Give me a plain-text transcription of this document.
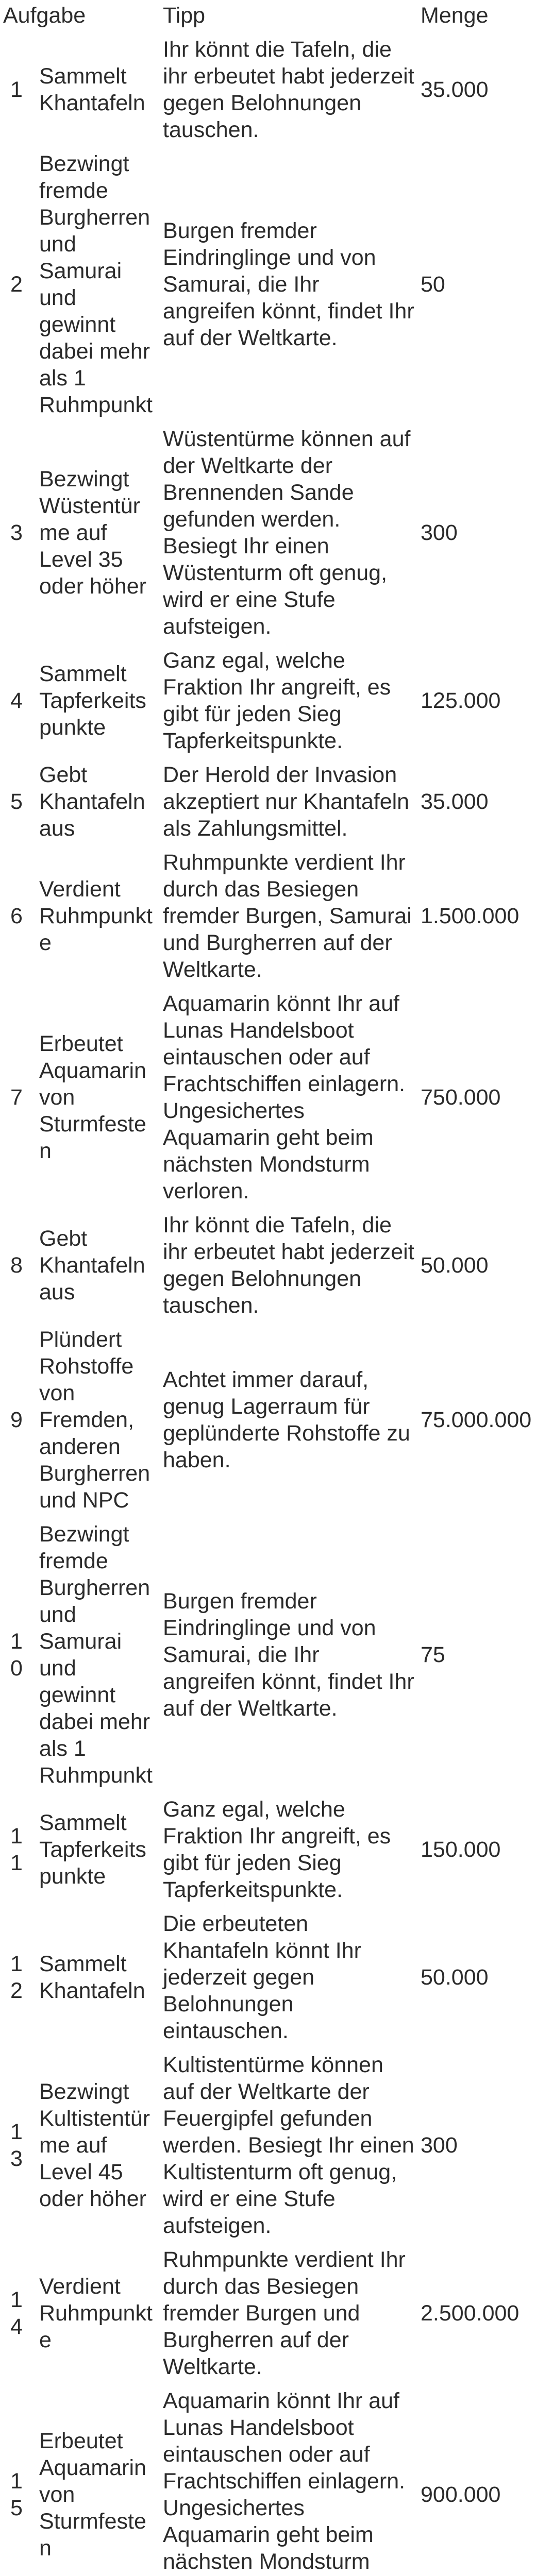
Aufgabe		Tipp	Menge
1	Sammelt Khantafeln	Ihr könnt die Tafeln, die ihr erbeutet habt jederzeit gegen Belohnungen tauschen.	35.000
2	Bezwingt fremde Burgherren und Samurai und gewinnt dabei mehr als 1 Ruhmpunkt	Burgen fremder Eindringlinge und von Samurai, die Ihr angreifen könnt, findet Ihr auf der Weltkarte.	50
3	Bezwingt Wüstentürme auf Level 35 oder höher	Wüstentürme können auf der Weltkarte der Brennenden Sande gefunden werden. Besiegt Ihr einen Wüstenturm oft genug, wird er eine Stufe aufsteigen.	300
4	Sammelt Tapferkeitspunkte	Ganz egal, welche Fraktion Ihr angreift, es gibt für jeden Sieg Tapferkeitspunkte.	125.000
5	Gebt Khantafeln aus	Der Herold der Invasion akzeptiert nur Khantafeln als Zahlungsmittel.	35.000
6	Verdient Ruhmpunkte	Ruhmpunkte verdient Ihr durch das Besiegen fremder Burgen, Samurai und Burgherren auf der Weltkarte.	1.500.000
7	Erbeutet Aquamarin von Sturmfesten	Aquamarin könnt Ihr auf Lunas Handelsboot eintauschen oder auf Frachtschiffen einlagern. Ungesichertes Aquamarin geht beim nächsten Mondsturm verloren.	750.000
8	Gebt Khantafeln aus	Ihr könnt die Tafeln, die ihr erbeutet habt jederzeit gegen Belohnungen tauschen.	50.000
9	Plündert Rohstoffe von Fremden, anderen Burgherren und NPC	Achtet immer darauf, genug Lagerraum für geplünderte Rohstoffe zu haben.	75.000.000
10	Bezwingt fremde Burgherren und Samurai und gewinnt dabei mehr als 1 Ruhmpunkt	Burgen fremder Eindringlinge und von Samurai, die Ihr angreifen könnt, findet Ihr auf der Weltkarte.	75
11	Sammelt Tapferkeitspunkte	Ganz egal, welche Fraktion Ihr angreift, es gibt für jeden Sieg Tapferkeitspunkte.	150.000
12	Sammelt Khantafeln	Die erbeuteten Khantafeln könnt Ihr jederzeit gegen Belohnungen eintauschen.	50.000
13	Bezwingt Kultistentürme auf Level 45 oder höher	Kultistentürme können auf der Weltkarte der Feuergipfel gefunden werden. Besiegt Ihr einen Kultistenturm oft genug, wird er eine Stufe aufsteigen.	300
14	Verdient Ruhmpunkte	Ruhmpunkte verdient Ihr durch das Besiegen fremder Burgen und Burgherren auf der Weltkarte.	2.500.000
15	Erbeutet Aquamarin von Sturmfesten	Aquamarin könnt Ihr auf Lunas Handelsboot eintauschen oder auf Frachtschiffen einlagern. Ungesichertes Aquamarin geht beim nächsten Mondsturm	900.000
